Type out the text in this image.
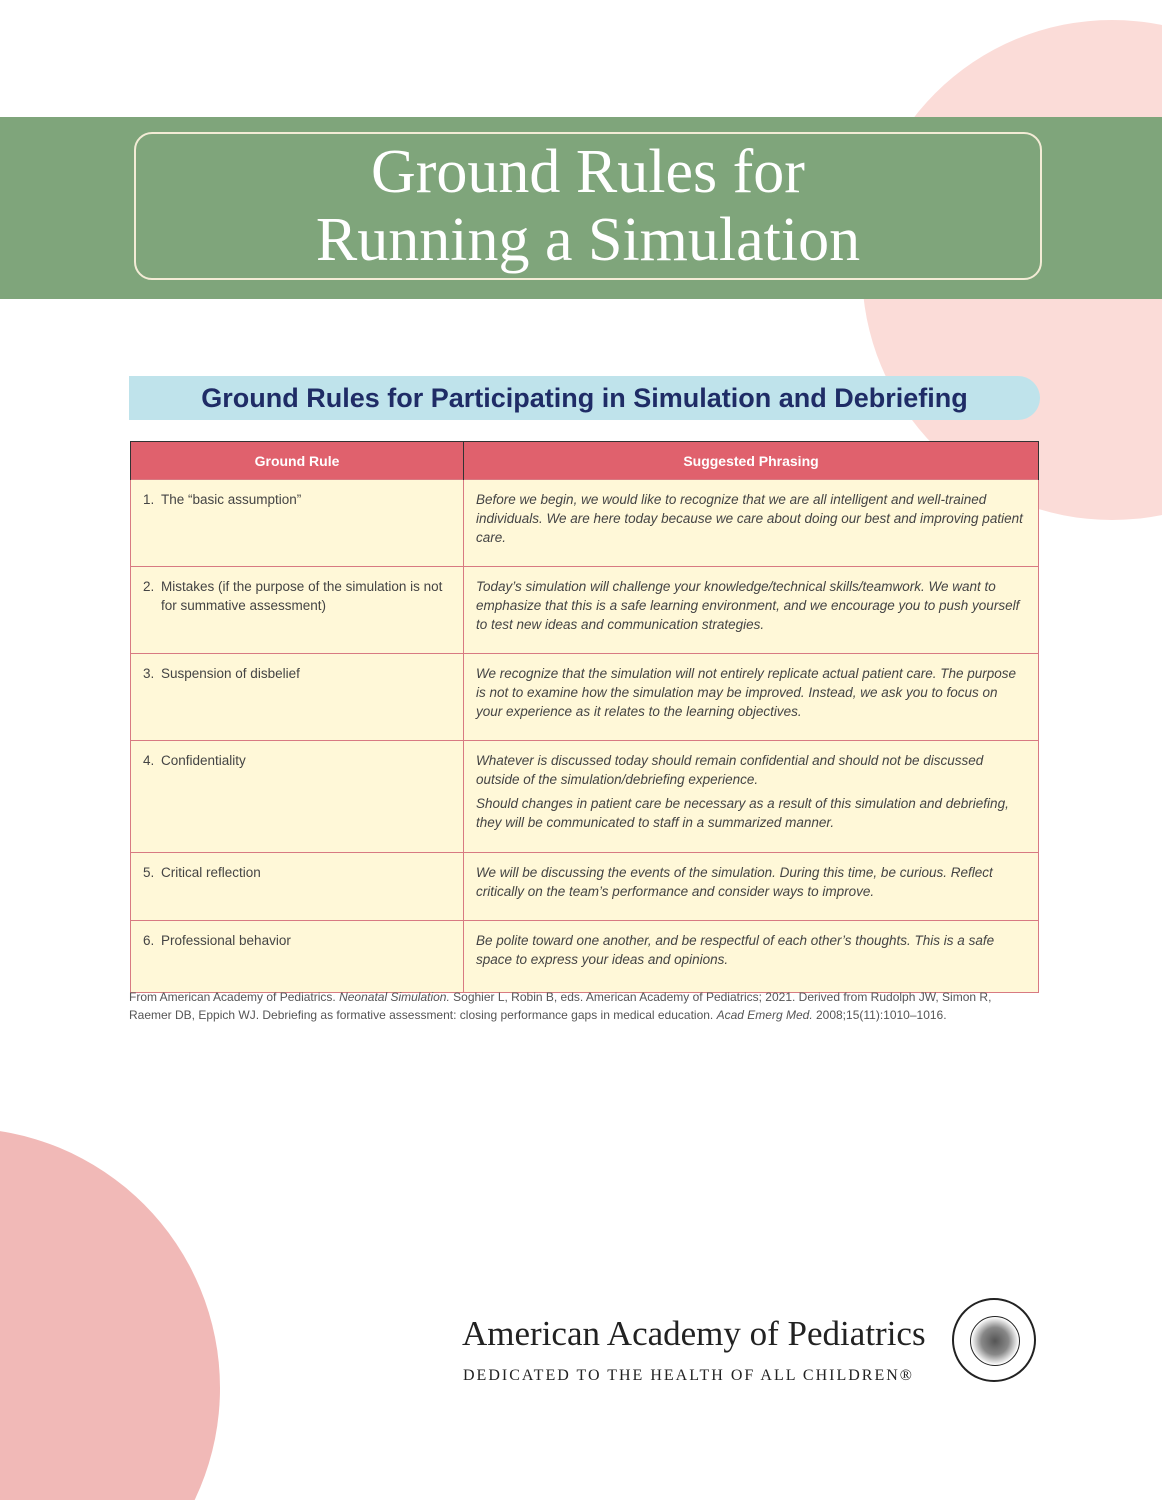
Ground Rules for
Running a Simulation
Ground Rules for Participating in Simulation and Debriefing
Ground Rule	Suggested Phrasing
1. The “basic assumption”	Before we begin, we would like to recognize that we are all intelligent and well-trained individuals. We are here today because we care about doing our best and improving patient care.

2. Mistakes (if the purpose of the simulation is not for summative assessment)	Today’s simulation will challenge your knowledge/technical skills/teamwork. We want to emphasize that this is a safe learning environment, and we encourage you to push yourself to test new ideas and communication strategies.

3. Suspension of disbelief	We recognize that the simulation will not entirely replicate actual patient care. The purpose is not to examine how the simulation may be improved. Instead, we ask you to focus on your experience as it relates to the learning objectives.

4. Confidentiality	Whatever is discussed today should remain confidential and should not be discussed outside of the simulation/debriefing experience.

Should changes in patient care be necessary as a result of this simulation and debriefing, they will be communicated to staff in a summarized manner.

5. Critical reflection	We will be discussing the events of the simulation. During this time, be curious. Reflect critically on the team’s performance and consider ways to improve.

6. Professional behavior	Be polite toward one another, and be respectful of each other’s thoughts. This is a safe space to express your ideas and opinions.

From American Academy of Pediatrics. Neonatal Simulation. Soghier L, Robin B, eds. American Academy of Pediatrics; 2021. Derived from Rudolph JW, Simon R, Raemer DB, Eppich WJ. Debriefing as formative assessment: closing performance gaps in medical education. Acad Emerg Med. 2008;15(11):1010–1016.
American Academy of Pediatrics
DEDICATED TO THE HEALTH OF ALL CHILDREN®
